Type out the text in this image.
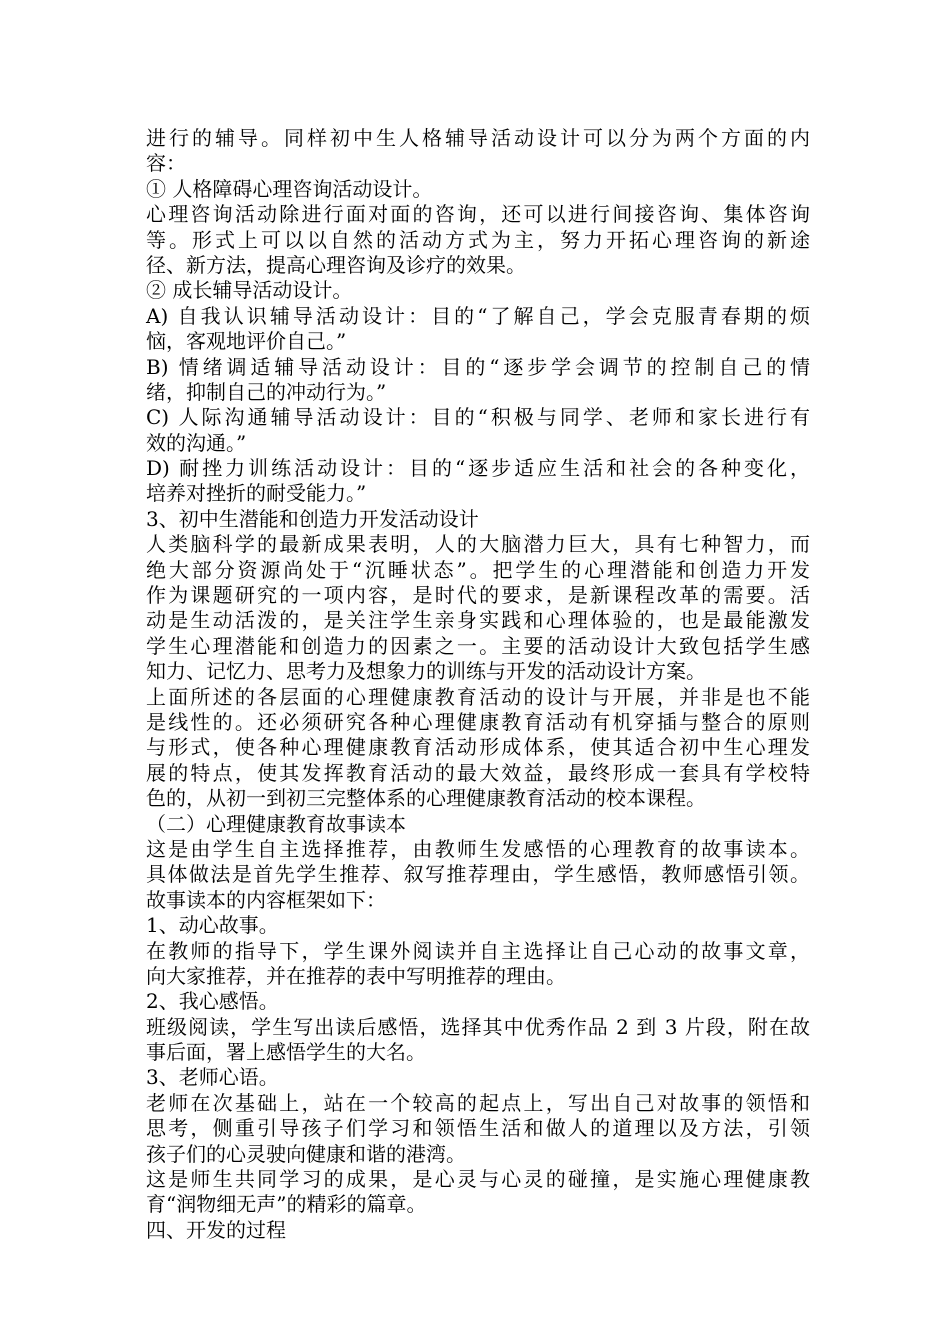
进行的辅导。同样初中生人格辅导活动设计可以分为两个方面的内
容：
① 人格障碍心理咨询活动设计。
心理咨询活动除进行面对面的咨询，还可以进行间接咨询、集体咨询
等。形式上可以以自然的活动方式为主，努力开拓心理咨询的新途
径、新方法，提高心理咨询及诊疗的效果。
② 成长辅导活动设计。
A) 自我认识辅导活动设计：目的“了解自己，学会克服青春期的烦
恼，客观地评价自己。”
B) 情绪调适辅导活动设计：目的“逐步学会调节的控制自己的情
绪，抑制自己的冲动行为。”
C) 人际沟通辅导活动设计：目的“积极与同学、老师和家长进行有
效的沟通。”
D) 耐挫力训练活动设计：目的“逐步适应生活和社会的各种变化，
培养对挫折的耐受能力。”
3、初中生潜能和创造力开发活动设计
人类脑科学的最新成果表明，人的大脑潜力巨大，具有七种智力，而
绝大部分资源尚处于“沉睡状态”。把学生的心理潜能和创造力开发
作为课题研究的一项内容，是时代的要求，是新课程改革的需要。活
动是生动活泼的，是关注学生亲身实践和心理体验的，也是最能激发
学生心理潜能和创造力的因素之一。主要的活动设计大致包括学生感
知力、记忆力、思考力及想象力的训练与开发的活动设计方案。
上面所述的各层面的心理健康教育活动的设计与开展，并非是也不能
是线性的。还必须研究各种心理健康教育活动有机穿插与整合的原则
与形式，使各种心理健康教育活动形成体系，使其适合初中生心理发
展的特点，使其发挥教育活动的最大效益，最终形成一套具有学校特
色的，从初一到初三完整体系的心理健康教育活动的校本课程。
（二）心理健康教育故事读本
这是由学生自主选择推荐，由教师生发感悟的心理教育的故事读本。
具体做法是首先学生推荐、叙写推荐理由，学生感悟，教师感悟引领。
故事读本的内容框架如下：
1、动心故事。
在教师的指导下，学生课外阅读并自主选择让自己心动的故事文章，
向大家推荐，并在推荐的表中写明推荐的理由。
2、我心感悟。
班级阅读，学生写出读后感悟，选择其中优秀作品 2 到 3 片段，附在故
事后面，署上感悟学生的大名。
3、老师心语。
老师在次基础上，站在一个较高的起点上，写出自己对故事的领悟和
思考，侧重引导孩子们学习和领悟生活和做人的道理以及方法，引领
孩子们的心灵驶向健康和谐的港湾。
这是师生共同学习的成果，是心灵与心灵的碰撞，是实施心理健康教
育“润物细无声”的精彩的篇章。
四、开发的过程
